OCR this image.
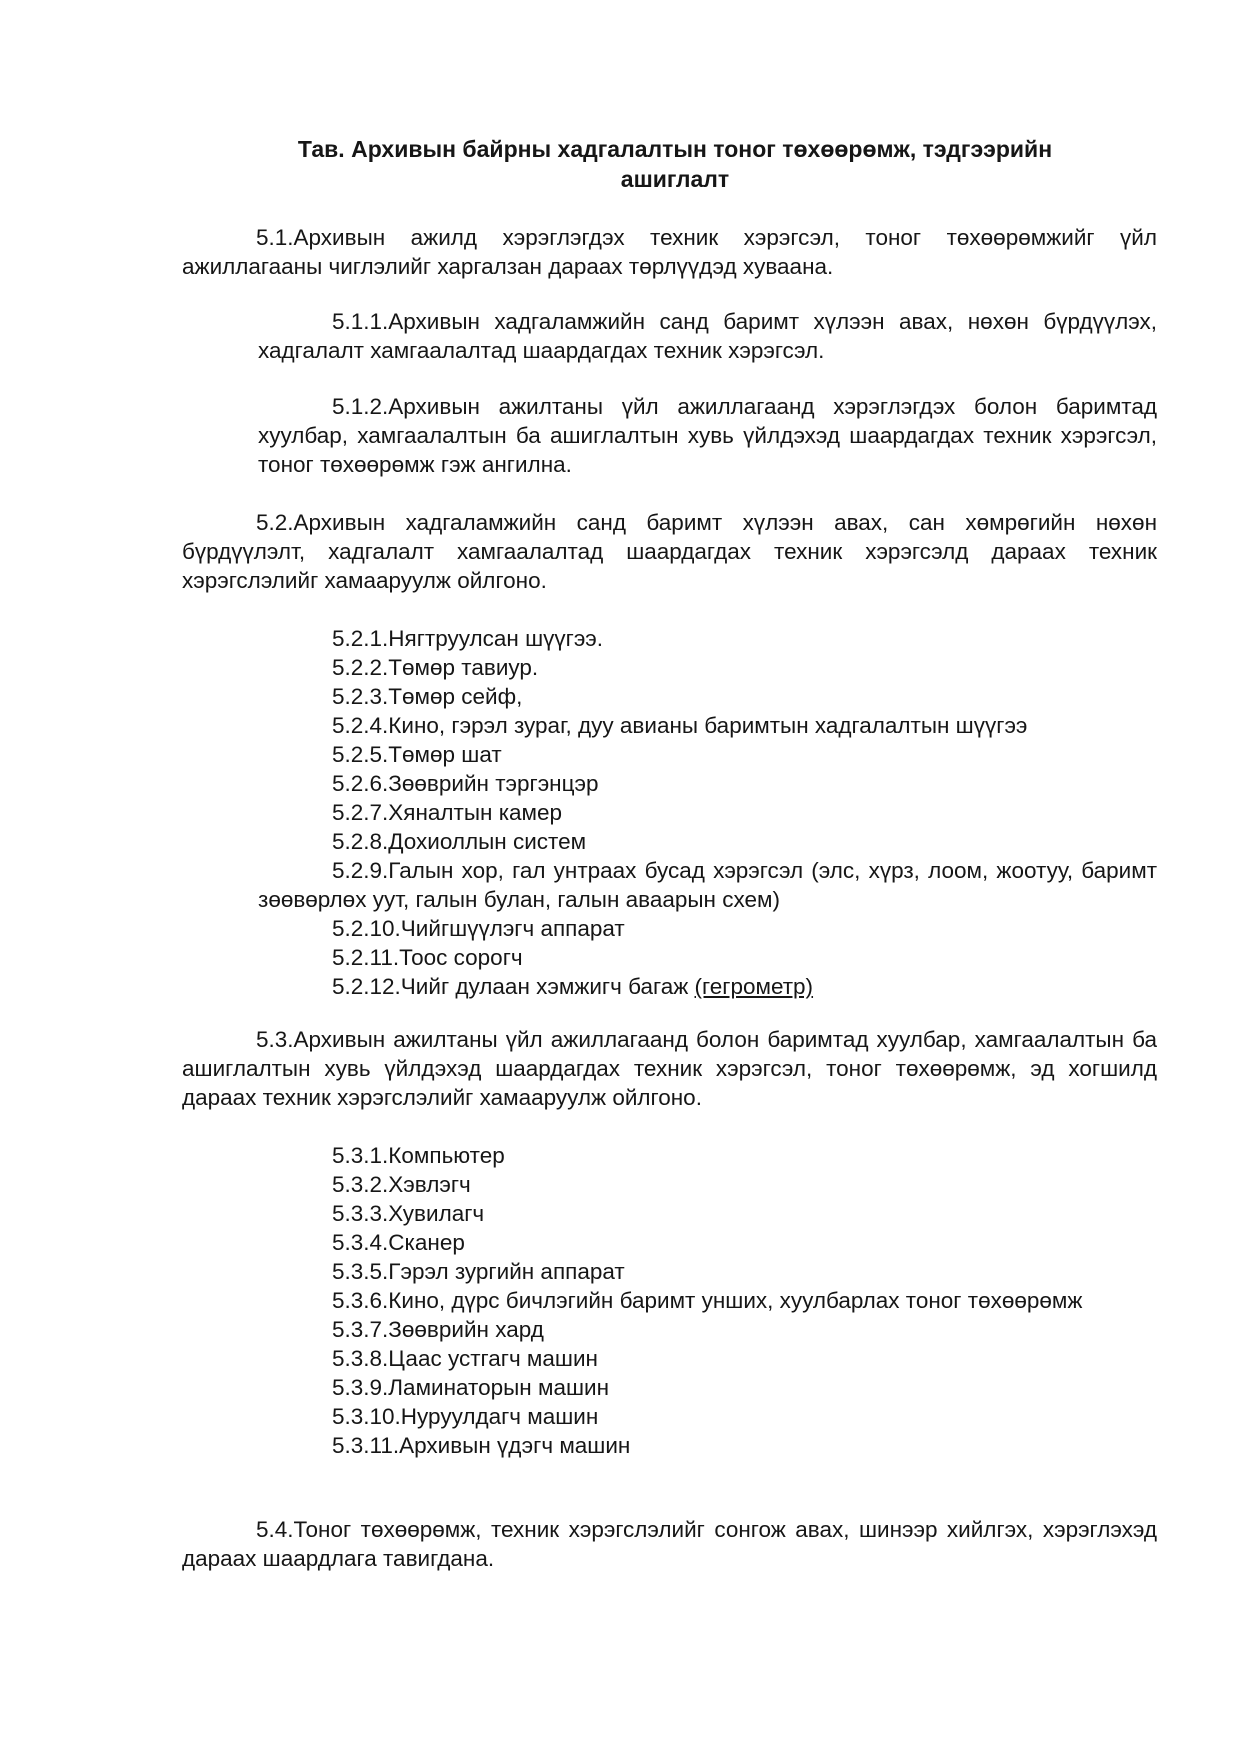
Тав. Архивын байрны хадгалалтын тоног төхөөрөмж, тэдгээрийн
ашиглалт

5.1.Архивын ажилд хэрэглэгдэх техник хэрэгсэл, тоног төхөөрөмжийг үйл ажиллагааны чиглэлийг харгалзан дараах төрлүүдэд хуваана.

5.1.1.Архивын хадгаламжийн санд баримт хүлээн авах, нөхөн бүрдүүлэх, хадгалалт хамгаалалтад шаардагдах техник хэрэгсэл.

5.1.2.Архивын ажилтаны үйл ажиллагаанд хэрэглэгдэх болон баримтад хуулбар, хамгаалалтын ба ашиглалтын хувь үйлдэхэд шаардагдах техник хэрэгсэл, тоног төхөөрөмж гэж ангилна.

5.2.Архивын хадгаламжийн санд баримт хүлээн авах, сан хөмрөгийн нөхөн бүрдүүлэлт, хадгалалт хамгаалалтад шаардагдах техник хэрэгсэлд дараах техник хэрэгслэлийг хамааруулж ойлгоно.

5.2.1.Нягтруулсан шүүгээ.
5.2.2.Төмөр тавиур.
5.2.3.Төмөр сейф,
5.2.4.Кино, гэрэл зураг, дуу авианы баримтын хадгалалтын шүүгээ
5.2.5.Төмөр шат
5.2.6.Зөөврийн тэргэнцэр
5.2.7.Хяналтын камер
5.2.8.Дохиоллын систем
5.2.9.Галын хор, гал унтраах бусад хэрэгсэл (элс, хүрз, лоом, жоотуу, баримт зөөвөрлөх уут, галын булан, галын аваарын схем)
5.2.10.Чийгшүүлэгч аппарат
5.2.11.Тоос сорогч
5.2.12.Чийг дулаан хэмжигч багаж (гегрометр)

5.3.Архивын ажилтаны үйл ажиллагаанд болон баримтад хуулбар, хамгаалалтын ба ашиглалтын хувь үйлдэхэд шаардагдах техник хэрэгсэл, тоног төхөөрөмж, эд хогшилд дараах техник хэрэгслэлийг хамааруулж ойлгоно.

5.3.1.Компьютер
5.3.2.Хэвлэгч
5.3.3.Хувилагч
5.3.4.Сканер
5.3.5.Гэрэл зургийн аппарат
5.3.6.Кино, дүрс бичлэгийн баримт унших, хуулбарлах тоног төхөөрөмж
5.3.7.Зөөврийн хард
5.3.8.Цаас устгагч машин
5.3.9.Ламинаторын машин
5.3.10.Нуруулдагч машин
5.3.11.Архивын үдэгч машин

5.4.Тоног төхөөрөмж, техник хэрэгслэлийг сонгож авах, шинээр хийлгэх, хэрэглэхэд дараах шаардлага тавигдана.
